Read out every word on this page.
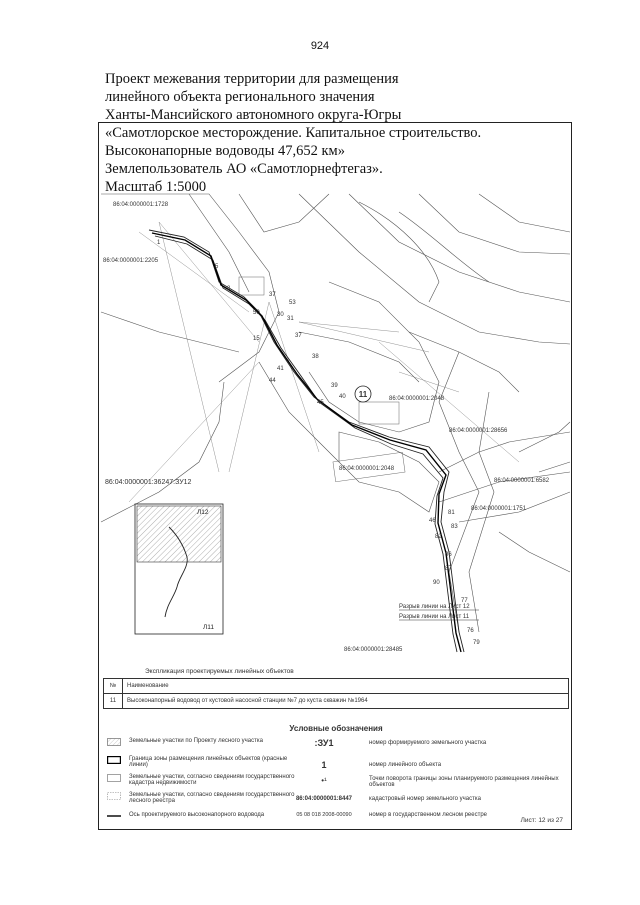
924
Проект межевания территории для размещения
линейного объекта регионального значения
Ханты-Мансийского автономного округа-Югры
«Самотлорское месторождение. Капитальное строительство.
Высоконапорные водоводы 47,652 км»
Землепользователь АО «Самотлорнефтегаз».
Масштаб 1:5000
86:04:0000001:1728
86:04:0000001:2205
86:04:0000001:36247:ЗУ12
86:04:0000001:2048
86:04:0000001:28656
86:04:0000001:6582
86:04:0000001:1751
86:04:0000001:28485
86:04:0000001:2048
11
1
5
8
37
30
53
31
50
15	37
38
41
39
40
44
45
46
81
82
83
86
87
90
76
77
79
Разрыв линии на Лист 12
Разрыв линии на Лист 11
Л12
Л11
Экспликация проектируемых линейных объектов
№	Наименование
11	Высоконапорный водовод от кустовой насосной станции №7 до куста скважин №1964
Условные обозначения
Земельные участки по Проекту лесного участка
Граница зоны размещения линейных объектов (красные линии)
Земельные участки, согласно сведениям государственного кадастра недвижимости
Земельные участки, согласно сведениям государственного лесного реестра
Ось проектируемого высоконапорного водовода
:ЗУ1	номер формируемого земельного участка
1	номер линейного объекта
•¹	Точки поворота границы зоны планируемого размещения линейных объектов
86:04:0000001:8447	кадастровый номер земельного участка
05 08 018 2008-00090	номер в государственном лесном реестре
Лист: 12 из 27
